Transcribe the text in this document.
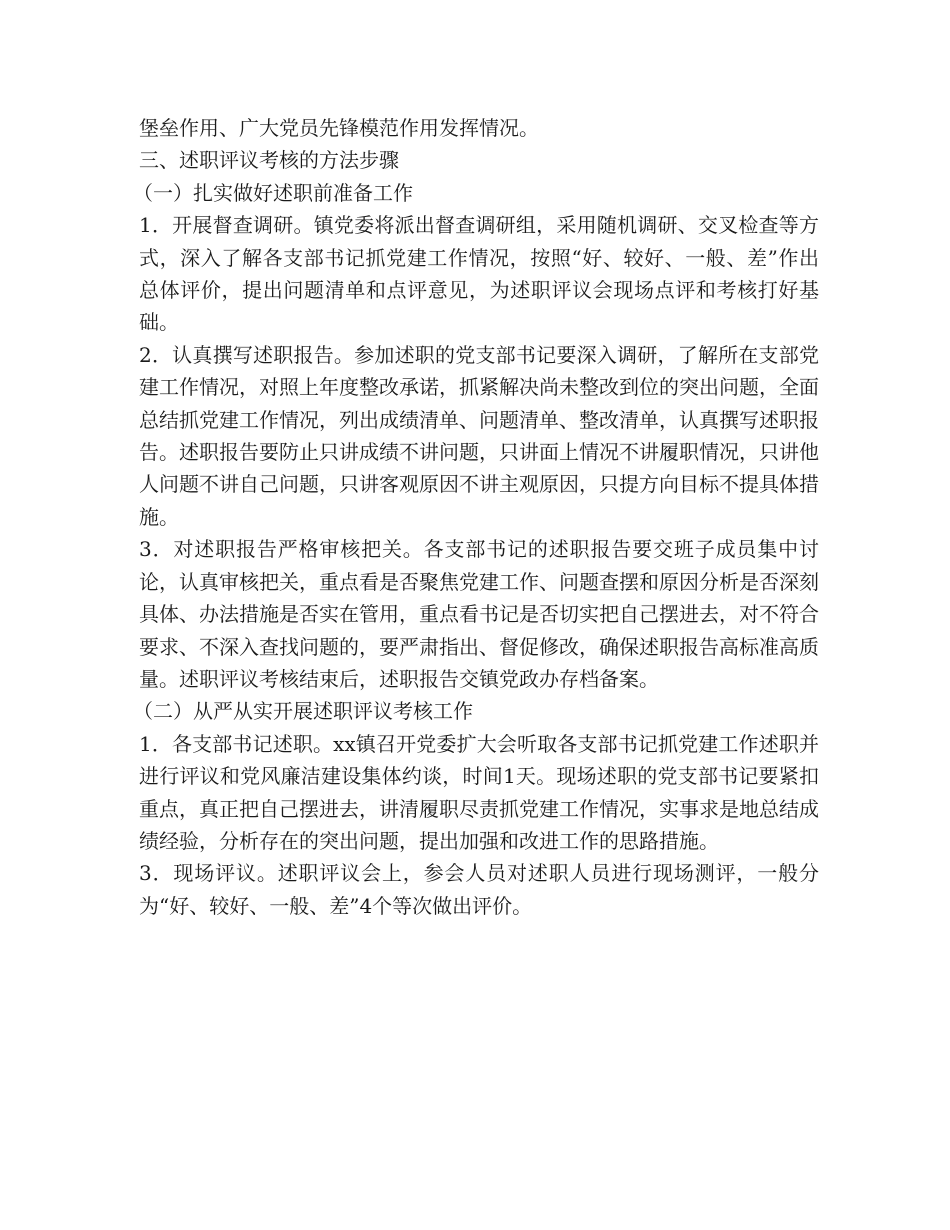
堡垒作用、广大党员先锋模范作用发挥情况。

三、述职评议考核的方法步骤

（一）扎实做好述职前准备工作

1．开展督查调研。镇党委将派出督查调研组，采用随机调研、交叉检查等方式，深入了解各支部书记抓党建工作情况，按照“好、较好、一般、差”作出总体评价，提出问题清单和点评意见，为述职评议会现场点评和考核打好基础。

2．认真撰写述职报告。参加述职的党支部书记要深入调研，了解所在支部党建工作情况，对照上年度整改承诺，抓紧解决尚未整改到位的突出问题，全面总结抓党建工作情况，列出成绩清单、问题清单、整改清单，认真撰写述职报告。述职报告要防止只讲成绩不讲问题，只讲面上情况不讲履职情况，只讲他人问题不讲自己问题，只讲客观原因不讲主观原因，只提方向目标不提具体措施。

3．对述职报告严格审核把关。各支部书记的述职报告要交班子成员集中讨论，认真审核把关，重点看是否聚焦党建工作、问题查摆和原因分析是否深刻具体、办法措施是否实在管用，重点看书记是否切实把自己摆进去，对不符合要求、不深入查找问题的，要严肃指出、督促修改，确保述职报告高标准高质量。述职评议考核结束后，述职报告交镇党政办存档备案。

（二）从严从实开展述职评议考核工作

1．各支部书记述职。xx镇召开党委扩大会听取各支部书记抓党建工作述职并进行评议和党风廉洁建设集体约谈，时间1天。现场述职的党支部书记要紧扣重点，真正把自己摆进去，讲清履职尽责抓党建工作情况，实事求是地总结成绩经验，分析存在的突出问题，提出加强和改进工作的思路措施。

3．现场评议。述职评议会上，参会人员对述职人员进行现场测评，一般分为“好、较好、一般、差”4个等次做出评价。
